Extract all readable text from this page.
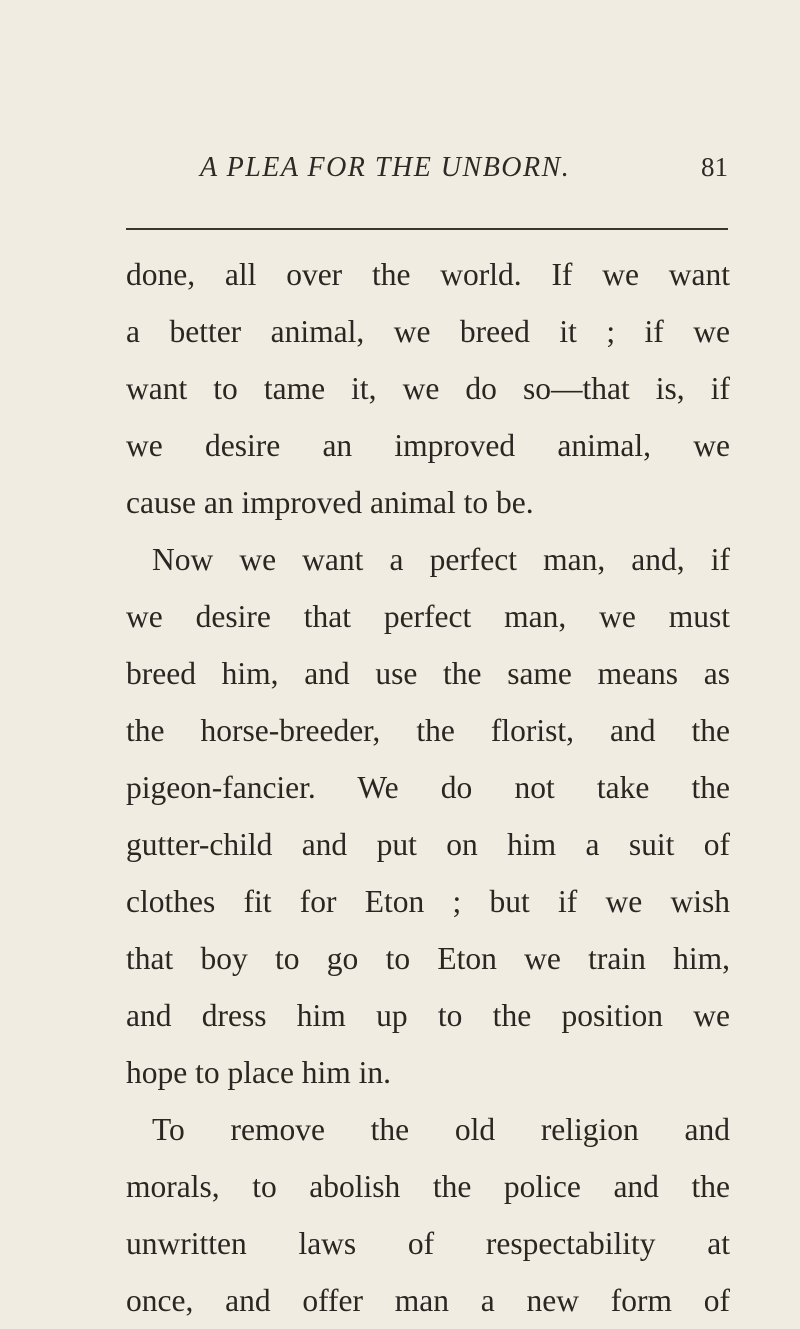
A PLEA FOR THE UNBORN.	81
done, all over the world. If we want
a better animal, we breed it ; if we
want to tame it, we do so—that is, if
we desire an improved animal, we
cause an improved animal to be.
Now we want a perfect man, and, if
we desire that perfect man, we must
breed him, and use the same means as
the horse-breeder, the florist, and the
pigeon-fancier. We do not take the
gutter-child and put on him a suit of
clothes fit for Eton ; but if we wish
that boy to go to Eton we train him,
and dress him up to the position we
hope to place him in.
To remove the old religion and
morals, to abolish the police and the
unwritten laws of respectability at
once, and offer man a new form of
